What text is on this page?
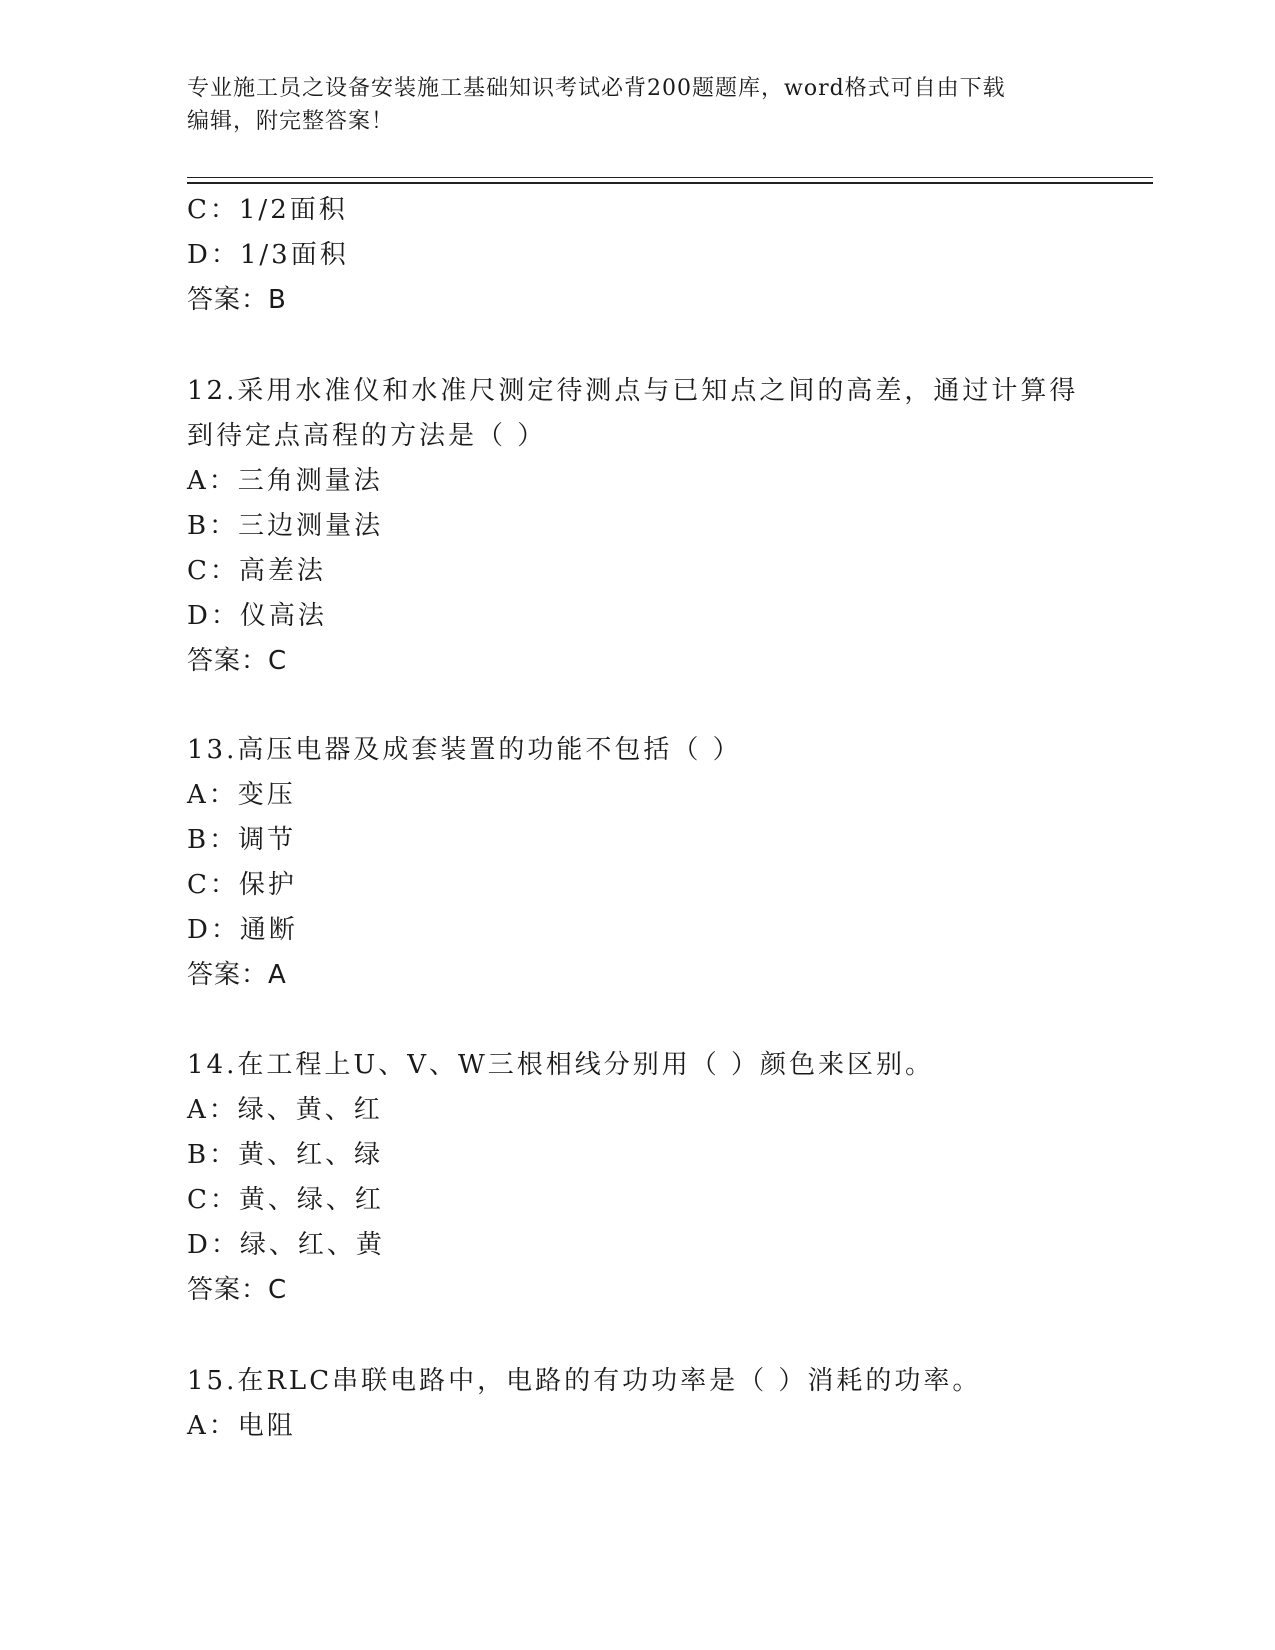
专业施工员之设备安装施工基础知识考试必背200题题库，word格式可自由下载
编辑，附完整答案！
C：1/2面积
D：1/3面积
答案：B
12.采用水准仪和水准尺测定待测点与已知点之间的高差，通过计算得
到待定点高程的方法是（ ）
A：三角测量法
B：三边测量法
C：高差法
D：仪高法
答案：C
13.高压电器及成套装置的功能不包括（ ）
A：变压
B：调节
C：保护
D：通断
答案：A
14.在工程上U、V、W三根相线分别用（ ）颜色来区别。
A：绿、黄、红
B：黄、红、绿
C：黄、绿、红
D：绿、红、黄
答案：C
15.在RLC串联电路中，电路的有功功率是（ ）消耗的功率。
A：电阻
